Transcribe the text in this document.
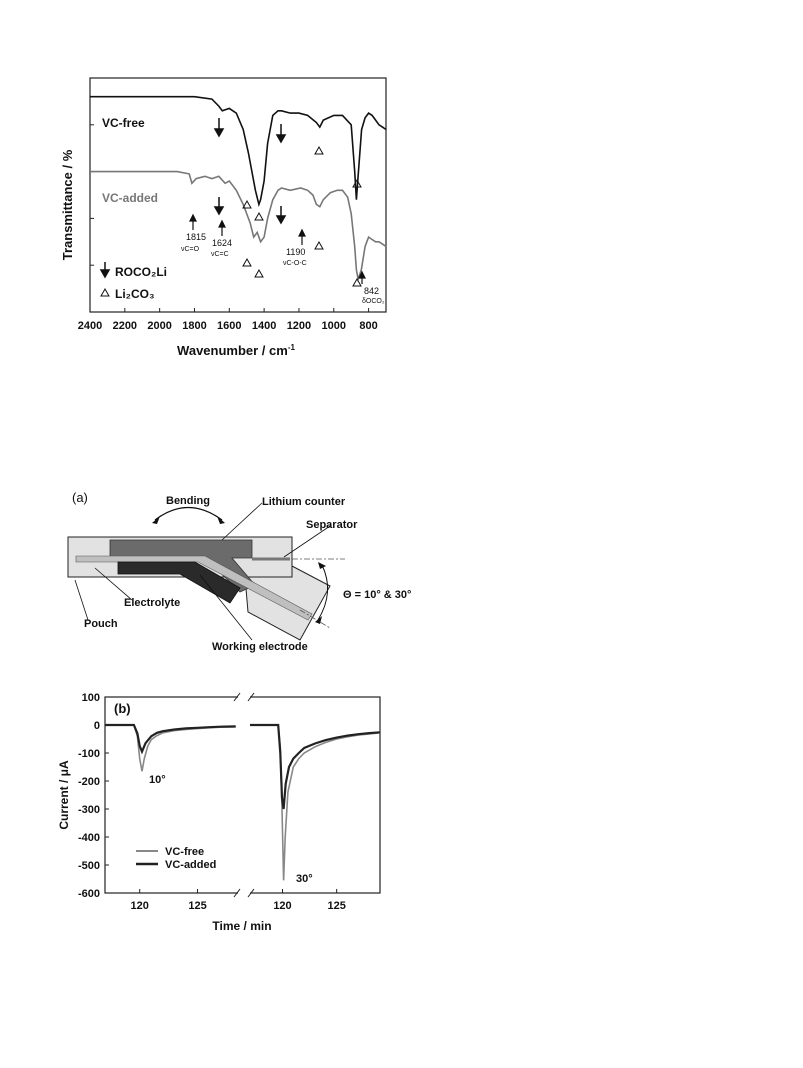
2400 2200 2000 1800 1600 1400 1200 1000 800
Wavenumber / $cm^{-1}$
Transmittance / %
VC-free
VC-added
1815
νC=O
1624
νC=C	1190
νC-O-C
842
δOCO₂
ROCO₂Li
Li₂CO₃
(a)	Bending
Θ = 10° & 30°
Lithium counter
Separator
Electrolyte
Pouch
Working electrode
100
0
-100
-200
-300
-400
-500
-600
120	125	120	125
(b)
Time / min
Current / μA	10°
30°
VC-free
VC-added
